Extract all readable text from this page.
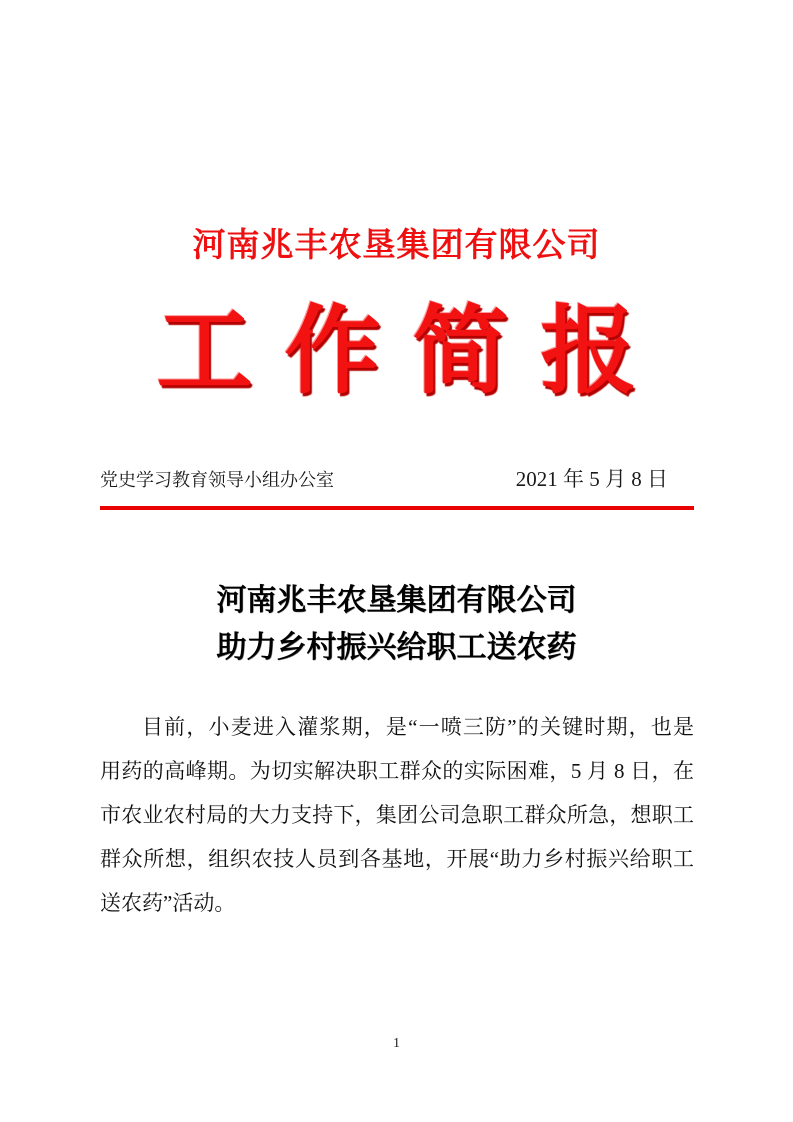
河南兆丰农垦集团有限公司
工作简报
党史学习教育领导小组办公室	2021 年 5 月 8 日
河南兆丰农垦集团有限公司
助力乡村振兴给职工送农药
目前，小麦进入灌浆期，是“一喷三防”的关键时期，也是
用药的高峰期。为切实解决职工群众的实际困难，5 月 8 日，在
市农业农村局的大力支持下，集团公司急职工群众所急，想职工
群众所想，组织农技人员到各基地，开展“助力乡村振兴给职工
送农药”活动。
1
